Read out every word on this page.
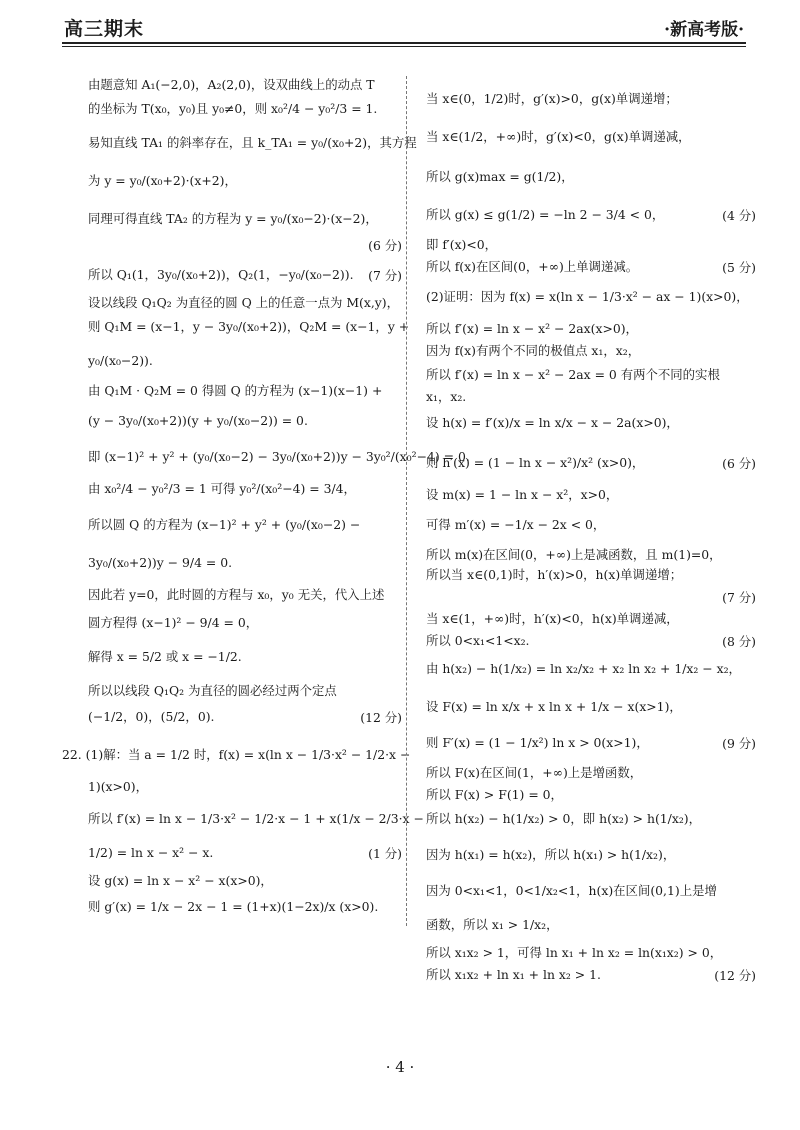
高三期末	·新高考版·
由题意知 A₁(−2,0)，A₂(2,0)，设双曲线上的动点 T
的坐标为 T(x₀，y₀)且 y₀≠0，则 x₀²/4 − y₀²/3 = 1.
易知直线 TA₁ 的斜率存在，且 k_TA₁ = y₀/(x₀+2)，其方程
为 y = y₀/(x₀+2)·(x+2)，
同理可得直线 TA₂ 的方程为 y = y₀/(x₀−2)·(x−2)，
所以 Q₁(1，3y₀/(x₀+2))，Q₂(1，−y₀/(x₀−2)).
设以线段 Q₁Q₂ 为直径的圆 Q 上的任意一点为 M(x,y)，
则 Q₁M = (x−1，y − 3y₀/(x₀+2))，Q₂M = (x−1，y +
y₀/(x₀−2)).
由 Q₁M · Q₂M = 0 得圆 Q 的方程为 (x−1)(x−1) +
(y − 3y₀/(x₀+2))(y + y₀/(x₀−2)) = 0.
即 (x−1)² + y² + (y₀/(x₀−2) − 3y₀/(x₀+2))y − 3y₀²/(x₀²−4) = 0.
由 x₀²/4 − y₀²/3 = 1 可得 y₀²/(x₀²−4) = 3/4，
所以圆 Q 的方程为 (x−1)² + y² + (y₀/(x₀−2) −
3y₀/(x₀+2))y − 9/4 = 0.
因此若 y=0，此时圆的方程与 x₀，y₀ 无关，代入上述
圆方程得 (x−1)² − 9/4 = 0，
解得 x = 5/2 或 x = −1/2.
所以以线段 Q₁Q₂ 为直径的圆必经过两个定点
(−1/2，0)，(5/2，0).
22. (1)解：当 a = 1/2 时，f(x) = x(ln x − 1/3·x² − 1/2·x −
1)(x>0)，
所以 f′(x) = ln x − 1/3·x² − 1/2·x − 1 + x(1/x − 2/3·x −
1/2) = ln x − x² − x.
设 g(x) = ln x − x² − x(x>0)，
则 g′(x) = 1/x − 2x − 1 = (1+x)(1−2x)/x (x>0).
(6 分)
(7 分)
(12 分)
(1 分)
当 x∈(0，1/2)时，g′(x)>0，g(x)单调递增；
当 x∈(1/2，+∞)时，g′(x)<0，g(x)单调递减，
所以 g(x)max = g(1/2)，
所以 g(x) ≤ g(1/2) = −ln 2 − 3/4 < 0，
即 f′(x)<0，
所以 f(x)在区间(0，+∞)上单调递减。
(2)证明：因为 f(x) = x(ln x − 1/3·x² − ax − 1)(x>0)，
所以 f′(x) = ln x − x² − 2ax(x>0)，
因为 f(x)有两个不同的极值点 x₁，x₂，
所以 f′(x) = ln x − x² − 2ax = 0 有两个不同的实根
x₁，x₂.
设 h(x) = f′(x)/x = ln x/x − x − 2a(x>0)，
则 h′(x) = (1 − ln x − x²)/x² (x>0)，
设 m(x) = 1 − ln x − x²，x>0，
可得 m′(x) = −1/x − 2x < 0，
所以 m(x)在区间(0，+∞)上是减函数，且 m(1)=0，
所以当 x∈(0,1)时，h′(x)>0，h(x)单调递增；
当 x∈(1，+∞)时，h′(x)<0，h(x)单调递减，
所以 0<x₁<1<x₂.
由 h(x₂) − h(1/x₂) = ln x₂/x₂ + x₂ ln x₂ + 1/x₂ − x₂，
设 F(x) = ln x/x + x ln x + 1/x − x(x>1)，
则 F′(x) = (1 − 1/x²) ln x > 0(x>1)，
所以 F(x)在区间(1，+∞)上是增函数，
所以 F(x) > F(1) = 0，
所以 h(x₂) − h(1/x₂) > 0，即 h(x₂) > h(1/x₂)，
因为 h(x₁) = h(x₂)，所以 h(x₁) > h(1/x₂)，
因为 0<x₁<1，0<1/x₂<1，h(x)在区间(0,1)上是增
函数，所以 x₁ > 1/x₂，
所以 x₁x₂ > 1，可得 ln x₁ + ln x₂ = ln(x₁x₂) > 0，
所以 x₁x₂ + ln x₁ + ln x₂ > 1.
(4 分)
(5 分)
(6 分)
(7 分)
(8 分)
(9 分)
(12 分)
· 4 ·
